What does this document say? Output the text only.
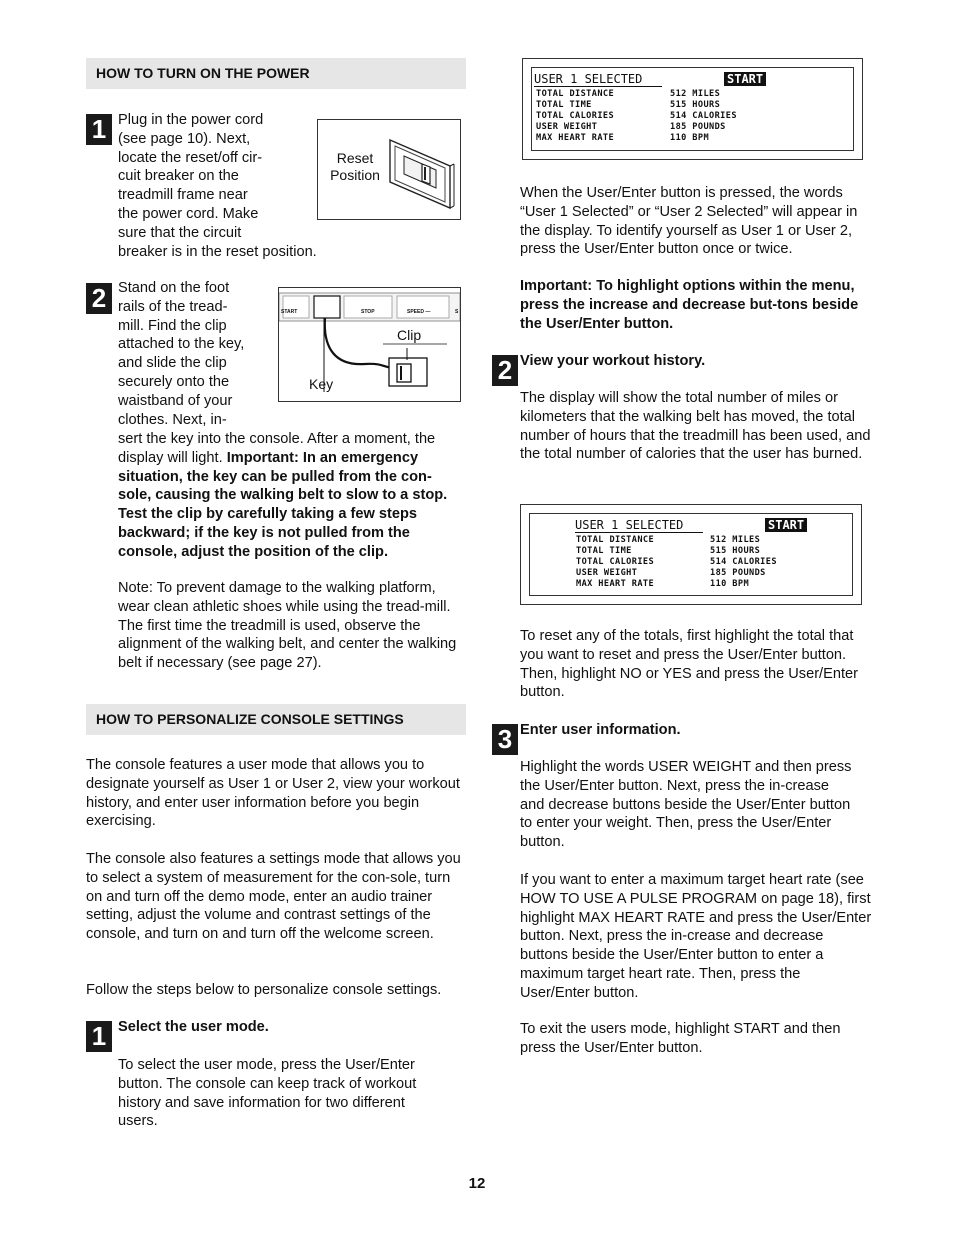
HOW TO TURN ON THE POWER
1 Plug in the power cord

(see page 10). Next,

locate the reset/off cir-

cuit breaker on the

treadmill frame near

the power cord. Make

sure that the circuit

breaker is in the reset position.
Reset
Position
2 Stand on the foot

rails of the tread-

mill. Find the clip

attached to the key,

and slide the clip

securely onto the

waistband of your

clothes. Next, in-

sert the key into the console. After a moment, the display will light. Important: In an emergency situation, the key can be pulled from the con-sole, causing the walking belt to slow to a stop. Test the clip by carefully taking a few steps backward; if the key is not pulled from the console, adjust the position of the clip.
START	STOP	SPEED —	S
Clip
Key
Note: To prevent damage to the walking platform, wear clean athletic shoes while using the tread-mill. The first time the treadmill is used, observe the alignment of the walking belt, and center the walking belt if necessary (see page 27).
HOW TO PERSONALIZE CONSOLE SETTINGS
The console features a user mode that allows you to designate yourself as User 1 or User 2, view your workout history, and enter user information before you begin exercising.
The console also features a settings mode that allows you to select a system of measurement for the con-sole, turn on and turn off the demo mode, enter an audio trainer setting, adjust the volume and contrast settings of the console, and turn on and turn off the welcome screen.
Follow the steps below to personalize console settings.
1 Select the user mode.
To select the user mode, press the User/Enter button. The console can keep track of workout history and save information for two different users.
USER 1 SELECTED	START
TOTAL DISTANCE	512 MILES
TOTAL TIME	515 HOURS
TOTAL CALORIES	514 CALORIES
USER WEIGHT	185 POUNDS
MAX HEART RATE	110 BPM
When the User/Enter button is pressed, the words “User 1 Selected” or “User 2 Selected” will appear in the display. To identify yourself as User 1 or User 2, press the User/Enter button once or twice.
Important: To highlight options within the menu, press the increase and decrease but-tons beside the User/Enter button.
2 View your workout history.
The display will show the total number of miles or kilometers that the walking belt has moved, the total number of hours that the treadmill has been used, and the total number of calories that the user has burned.
USER 1 SELECTED	START
TOTAL DISTANCE	512 MILES
TOTAL TIME	515 HOURS
TOTAL CALORIES	514 CALORIES
USER WEIGHT	185 POUNDS
MAX HEART RATE	110 BPM
To reset any of the totals, first highlight the total that you want to reset and press the User/Enter button. Then, highlight NO or YES and press the User/Enter button.
3 Enter user information.
Highlight the words USER WEIGHT and then press the User/Enter button. Next, press the in-crease and decrease buttons beside the User/Enter button to enter your weight. Then, press the User/Enter button.
If you want to enter a maximum target heart rate (see HOW TO USE A PULSE PROGRAM on page 18), first highlight MAX HEART RATE and press the User/Enter button. Next, press the in-crease and decrease buttons beside the User/Enter button to enter a maximum target heart rate. Then, press the User/Enter button.
To exit the users mode, highlight START and then press the User/Enter button.
12
